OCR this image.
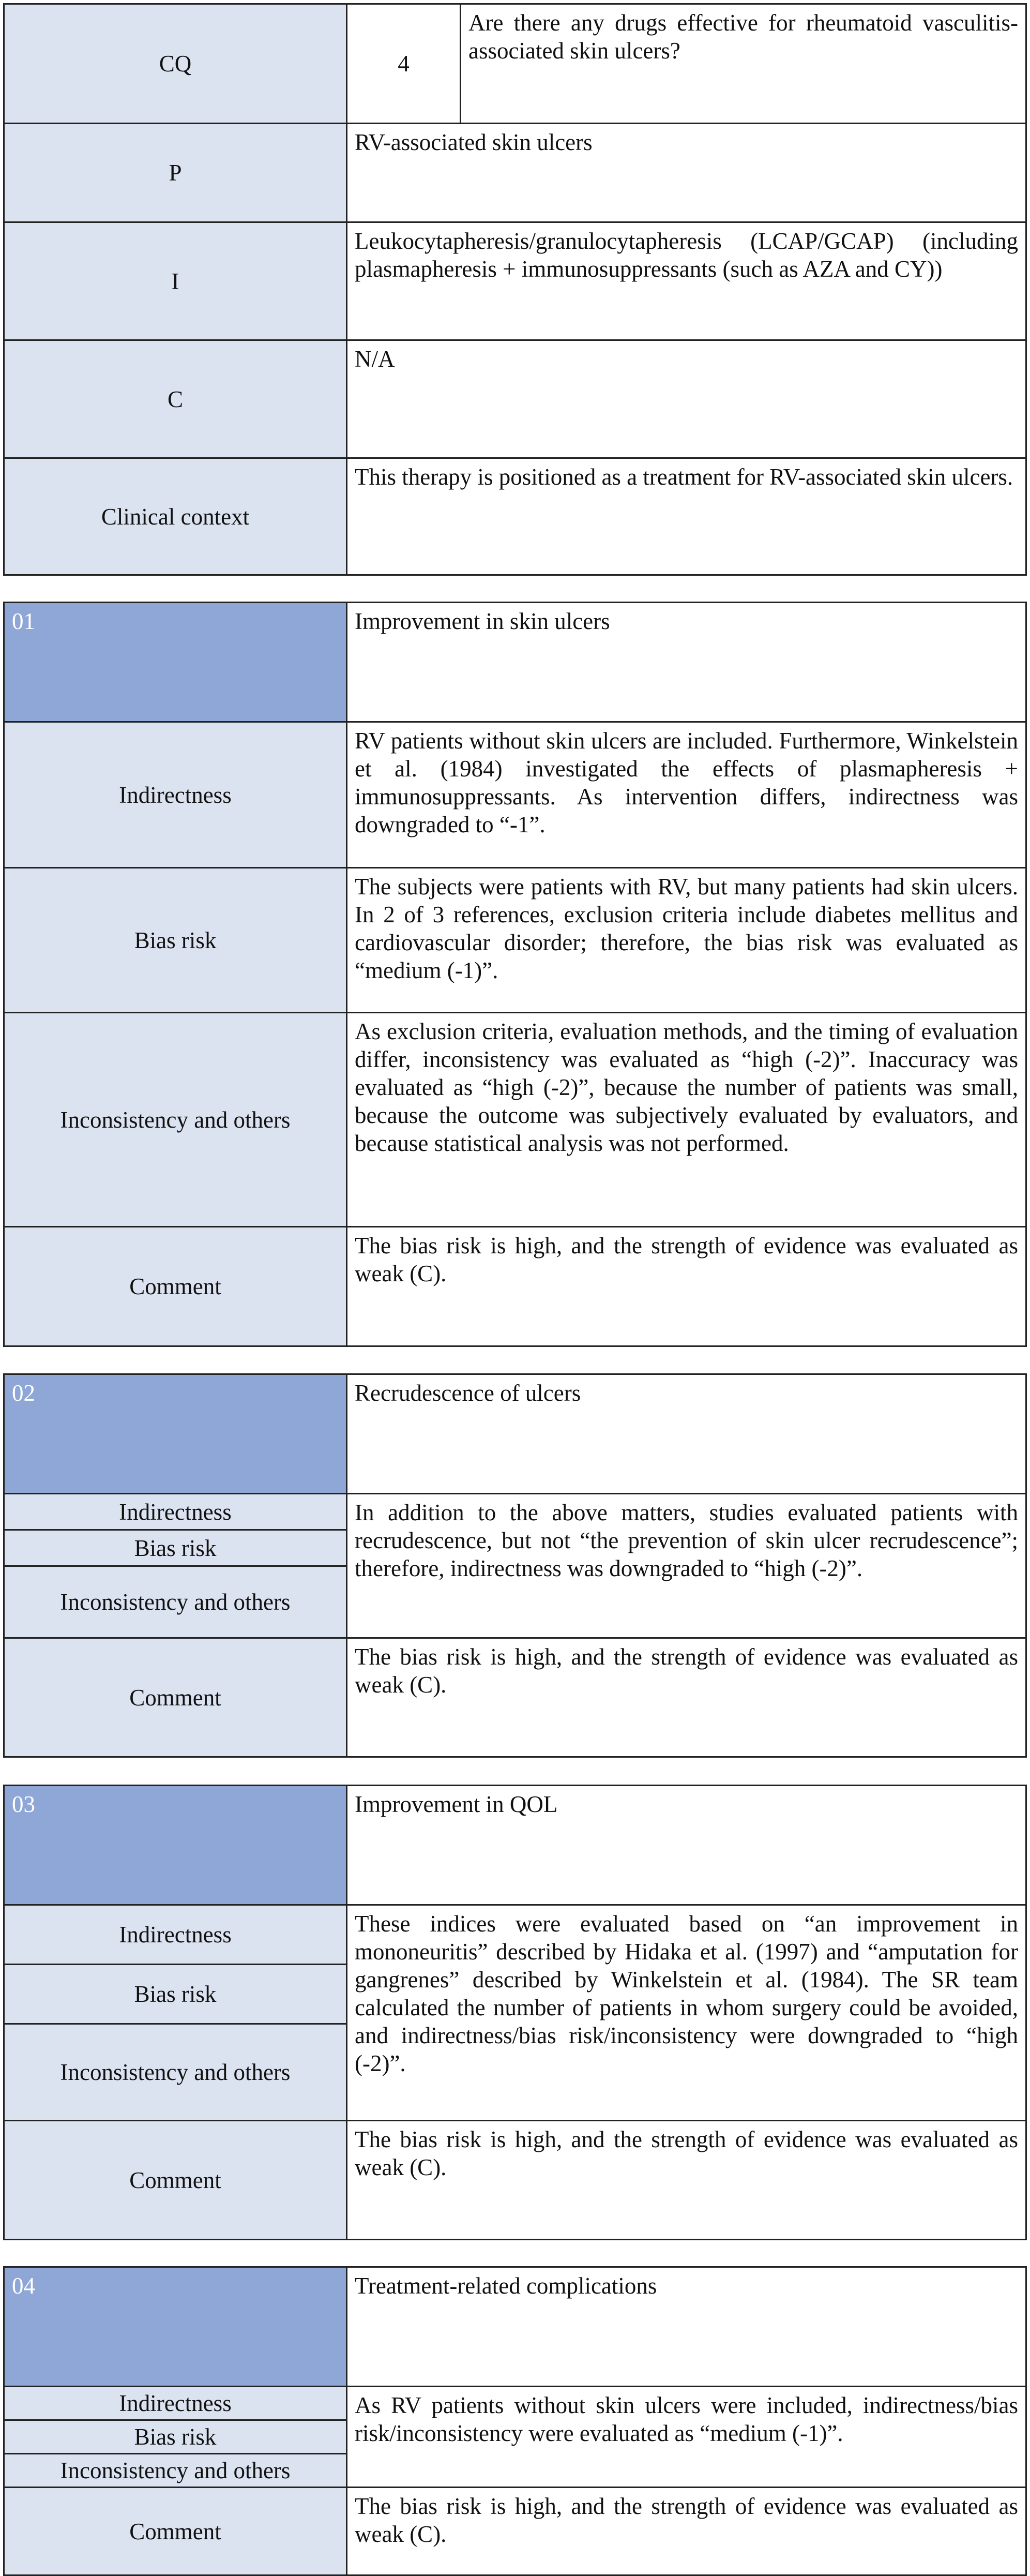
CQ	4	Are there any drugs effective for rheumatoid vasculitis-associated skin ulcers?
P	RV-associated skin ulcers	
I	Leukocytapheresis/granulocytapheresis (LCAP/GCAP) (including plasmapheresis + immunosuppressants (such as AZA and CY))	
C	N/A	
Clinical context	This therapy is positioned as a treatment for RV-associated skin ulcers.	
01	Improvement in skin ulcers
Indirectness	RV patients without skin ulcers are included. Furthermore, Winkelstein et al. (1984) investigated the effects of plasmapheresis + immunosuppressants. As intervention differs, indirectness was downgraded to “-1”.
Bias risk	The subjects were patients with RV, but many patients had skin ulcers. In 2 of 3 references, exclusion criteria include diabetes mellitus and cardiovascular disorder; therefore, the bias risk was evaluated as “medium (-1)”.
Inconsistency and others	As exclusion criteria, evaluation methods, and the timing of evaluation differ, inconsistency was evaluated as “high (-2)”. Inaccuracy was evaluated as “high (-2)”, because the number of patients was small, because the outcome was subjectively evaluated by evaluators, and because statistical analysis was not performed.
Comment	The bias risk is high, and the strength of evidence was evaluated as weak (C).
02	Recrudescence of ulcers
Indirectness	In addition to the above matters, studies evaluated patients with recrudescence, but not “the prevention of skin ulcer recrudescence”; therefore, indirectness was downgraded to “high (-2)”.
Bias risk	
Inconsistency and others	
Comment	The bias risk is high, and the strength of evidence was evaluated as weak (C).
03	Improvement in QOL
Indirectness	These indices were evaluated based on “an improvement in mononeuritis” described by Hidaka et al. (1997) and “amputation for gangrenes” described by Winkelstein et al. (1984). The SR team calculated the number of patients in whom surgery could be avoided, and indirectness/bias risk/inconsistency were downgraded to “high (-2)”.
Bias risk	
Inconsistency and others	
Comment	The bias risk is high, and the strength of evidence was evaluated as weak (C).
04	Treatment-related complications
Indirectness	As RV patients without skin ulcers were included, indirectness/bias risk/inconsistency were evaluated as “medium (-1)”.
Bias risk	
Inconsistency and others	
Comment	The bias risk is high, and the strength of evidence was evaluated as weak (C).
